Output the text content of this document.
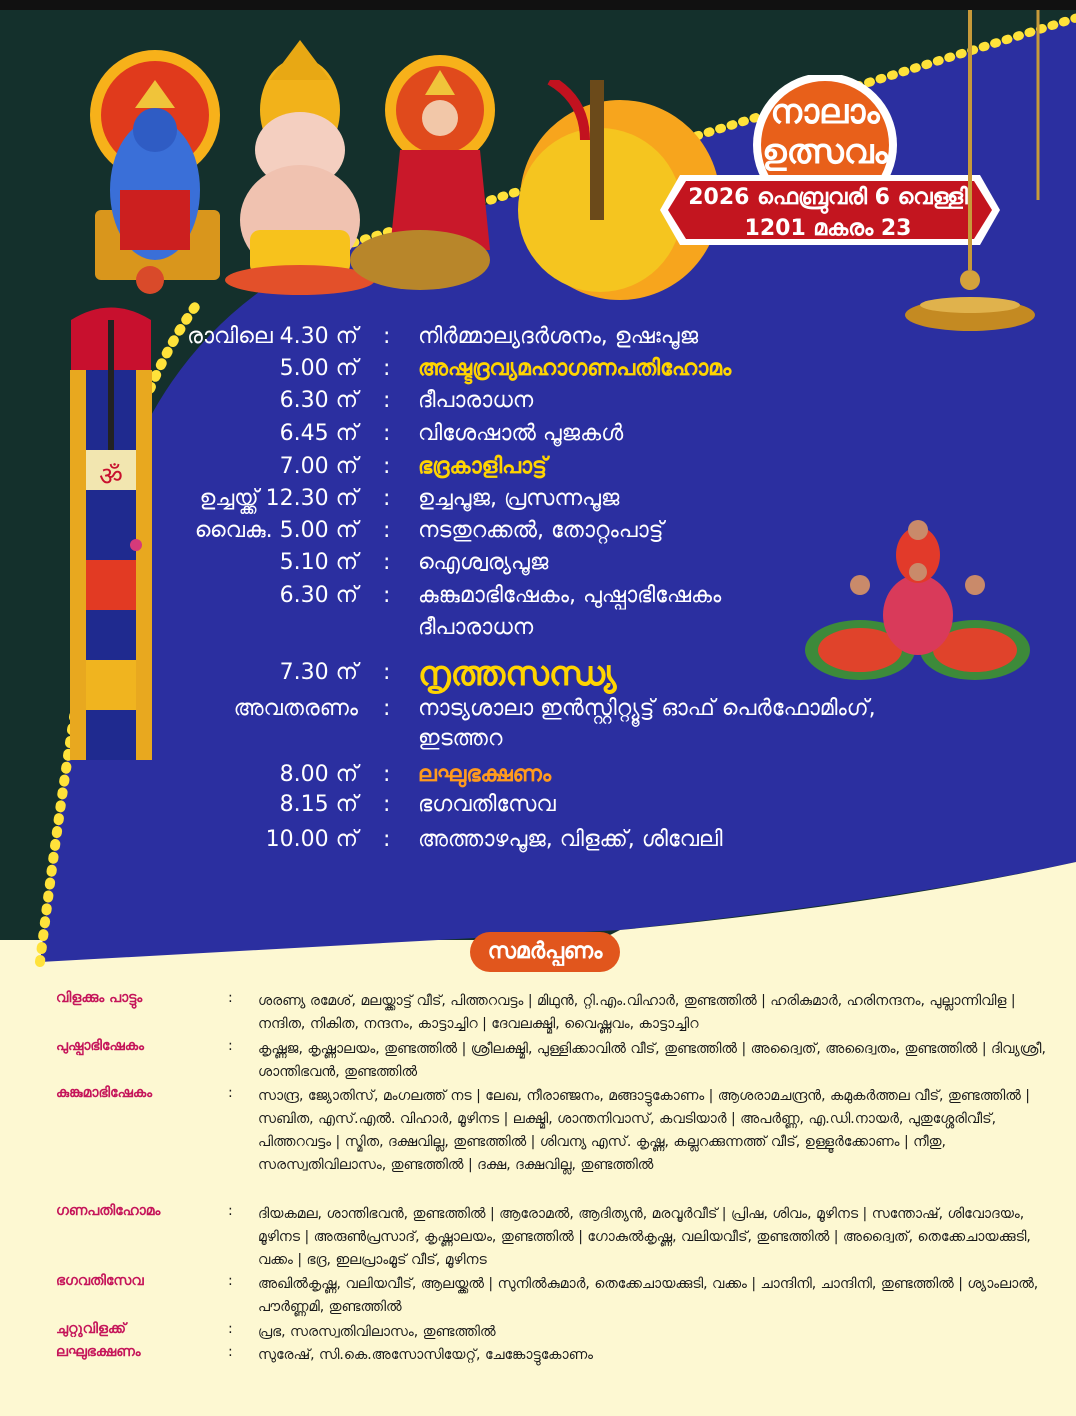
നാലാം
ഉത്സവം
2026 ഫെബ്രുവരി 6 വെള്ളി
1201 മകരം 23
ॐ
രാവിലെ 4.30 ന് : നിർമ്മാല്യദർശനം, ഉഷഃപൂജ
5.00 ന് : അഷ്ടദ്രവ്യമഹാഗണപതിഹോമം
6.30 ന് : ദീപാരാധന
6.45 ന് : വിശേഷാൽ പൂജകൾ
7.00 ന് : ഭദ്രകാളിപാട്ട്
ഉച്ചയ്ക്ക് 12.30 ന് : ഉച്ചപൂജ, പ്രസന്നപൂജ
വൈകു. 5.00 ന് : നടതുറക്കൽ, തോറ്റംപാട്ട്
5.10 ന് : ഐശ്വര്യപൂജ
6.30 ന് : കുങ്കുമാഭിഷേകം, പുഷ്പാഭിഷേകം
ദീപാരാധന
7.30 ന് : നൃത്തസന്ധ്യ
അവതരണം : നാട്യശാലാ ഇൻസ്റ്റിറ്റ്യൂട്ട് ഓഫ് പെർഫോമിംഗ്,
ഇടത്തറ
8.00 ന് : ലഘുഭക്ഷണം
8.15 ന് : ഭഗവതിസേവ
10.00 ന് : അത്താഴപൂജ, വിളക്ക്, ശിവേലി
സമർപ്പണം
വിളക്കും പാട്ടും	: ശരണ്യ രമേശ്, മലയ്ക്കാട്ട് വീട്, പിത്തറവട്ടം | മിഥുൻ, റ്റി.എം.വിഹാർ, തുണ്ടത്തിൽ | ഹരികുമാർ, ഹരിനന്ദനം, പുല്ലാന്നിവിള | നന്ദിത, നികിത, നന്ദനം, കാട്ടാച്ചിറ | ദേവലക്ഷ്മി, വൈഷ്ണവം, കാട്ടാച്ചിറ
പുഷ്പാഭിഷേകം	: കൃഷ്ണജ, കൃഷ്ണാലയം, തുണ്ടത്തിൽ | ശ്രീലക്ഷ്മി, പുള്ളിക്കാവിൽ വീട്, തുണ്ടത്തിൽ | അദ്വൈത്, അദ്വൈതം, തുണ്ടത്തിൽ | ദിവ്യശ്രീ, ശാന്തിഭവൻ, തുണ്ടത്തിൽ
കുങ്കുമാഭിഷേകം	: സാന്ദ്ര, ജ്യോതിസ്, മംഗലത്ത് നട | ലേഖ, നീരാഞ്ജനം, മങ്ങാട്ടുകോണം | ആശരാമചന്ദ്രൻ, കമുകർത്തല വീട്, തുണ്ടത്തിൽ | സബിത, എസ്.എൽ. വിഹാർ, മൂഴിനട | ലക്ഷ്മി, ശാന്തനിവാസ്, കവടിയാർ | അപർണ്ണ, എ.ഡി.നായർ, പുതുശ്ശേരിവീട്, പിത്തറവട്ടം | സ്മിത, ദക്ഷവില്ല, തുണ്ടത്തിൽ | ശിവന്യ എസ്. കൃഷ്ണ, കല്ലറക്കുന്നത്ത് വീട്, ഉള്ളൂർക്കോണം | നീതു, സരസ്വതിവിലാസം, തുണ്ടത്തിൽ | ദക്ഷ, ദക്ഷവില്ല, തുണ്ടത്തിൽ
ഗണപതിഹോമം	: ദിയകമല, ശാന്തിഭവൻ, തുണ്ടത്തിൽ | ആരോമൽ, ആദിത്യൻ, മരവൂർവീട് | പ്രിഷ, ശിവം, മൂഴിനട | സന്തോഷ്, ശിവോദയം, മൂഴിനട | അരുൺപ്രസാദ്, കൃഷ്ണാലയം, തുണ്ടത്തിൽ | ഗോകുൽകൃഷ്ണ, വലിയവീട്, തുണ്ടത്തിൽ | അദ്വൈത്, തെക്കേചായക്കുടി, വക്കം | ഭദ്ര, ഇലപ്രാംമൂട് വീട്, മൂഴിനട
ഭഗവതിസേവ	: അഖിൽകൃഷ്ണ, വലിയവീട്, ആലയ്ക്കൽ | സുനിൽകുമാർ, തെക്കേചായക്കുടി, വക്കം | ചാന്ദിനി, ചാന്ദിനി, തുണ്ടത്തിൽ | ശ്യാംലാൽ, പൗർണ്ണമി, തുണ്ടത്തിൽ
ചുറ്റുവിളക്ക്	: പ്രഭ, സരസ്വതിവിലാസം, തുണ്ടത്തിൽ
ലഘുഭക്ഷണം	: സുരേഷ്, സി.കെ.അസോസിയേറ്റ്, ചേങ്കോട്ടുകോണം
